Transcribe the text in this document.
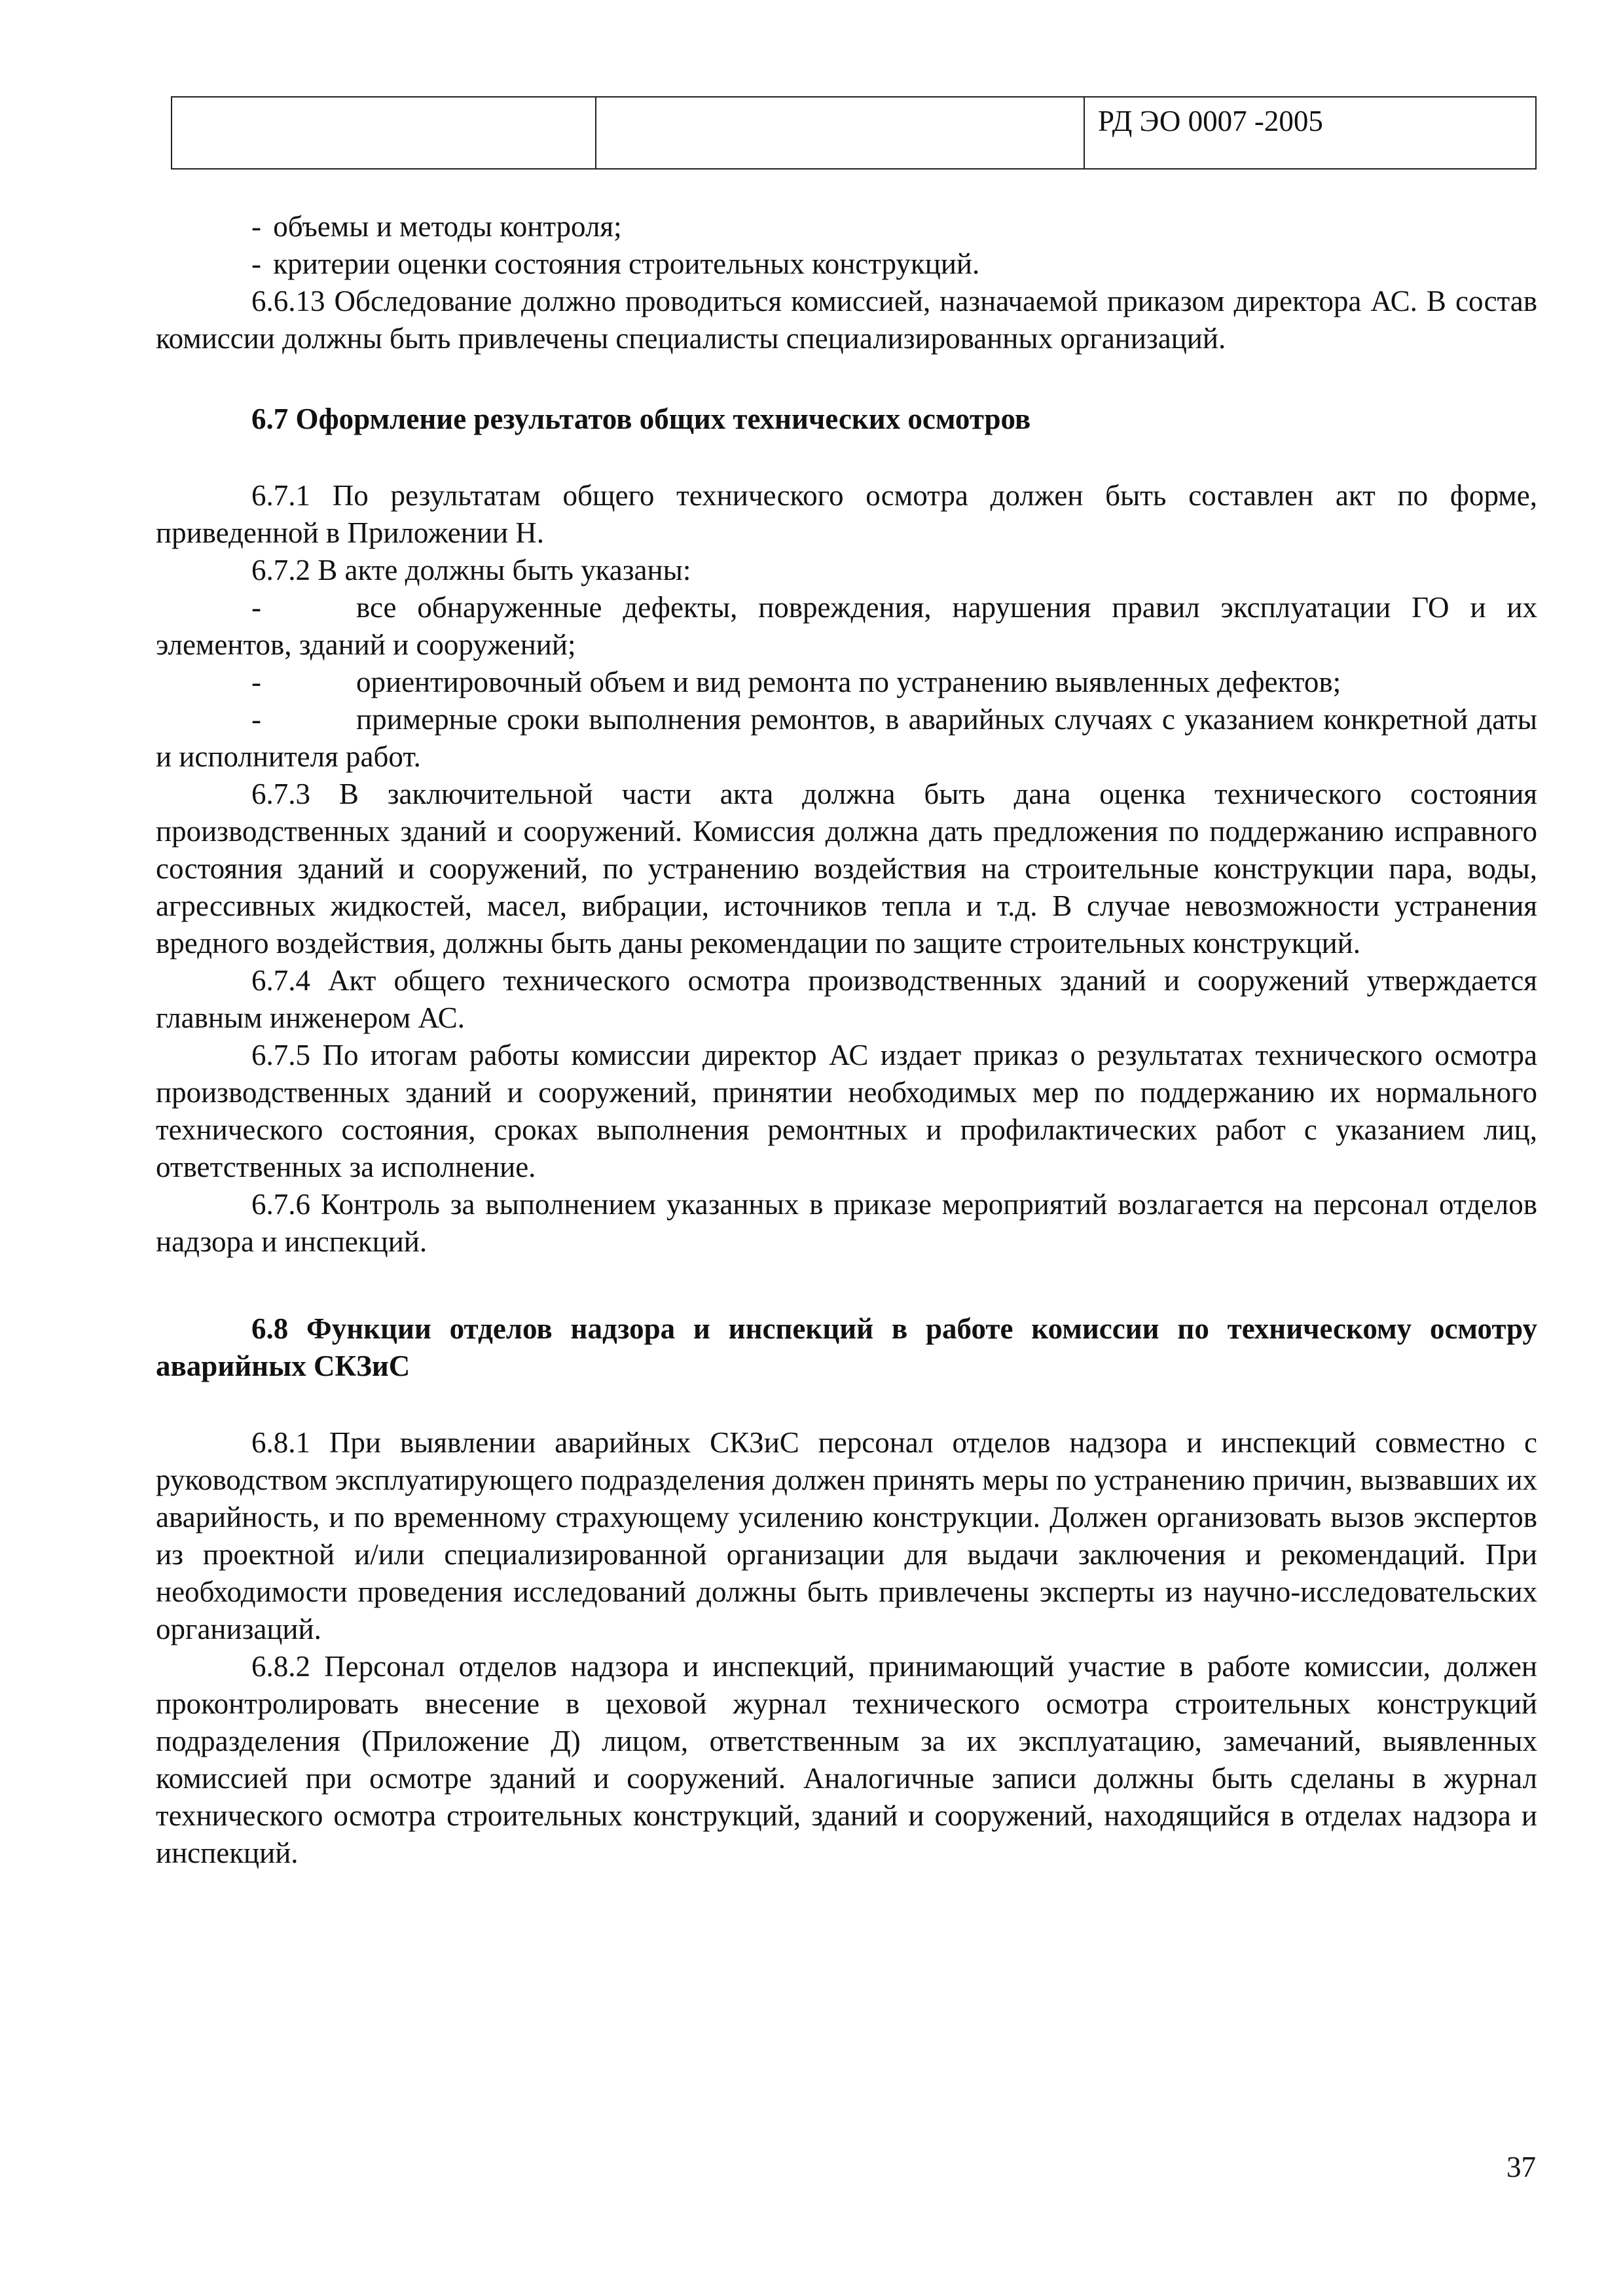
РД ЭО 0007 -2005

- объемы и методы контроля;

- критерии оценки состояния строительных конструкций.

6.6.13 Обследование должно проводиться комиссией, назначаемой приказом директора АС. В состав комиссии должны быть привлечены специалисты специализированных организаций.

6.7 Оформление результатов общих технических осмотров

6.7.1 По результатам общего технического осмотра должен быть составлен акт по форме, приведенной в Приложении Н.

6.7.2 В акте должны быть указаны:

-	все обнаруженные дефекты, повреждения, нарушения правил эксплуатации ГО и их элементов, зданий и сооружений;

-	ориентировочный объем и вид ремонта по устранению выявленных дефектов;

-	примерные сроки выполнения ремонтов, в аварийных случаях с указанием конкретной даты и исполнителя работ.

6.7.3 В заключительной части акта должна быть дана оценка технического состояния производственных зданий и сооружений. Комиссия должна дать предложения по поддержанию исправного состояния зданий и сооружений, по устранению воздействия на строительные конструкции пара, воды, агрессивных жидкостей, масел, вибрации, источников тепла и т.д. В случае невозможности устранения вредного воздействия, должны быть даны рекомендации по защите строительных конструкций.

6.7.4 Акт общего технического осмотра производственных зданий и сооружений утверждается главным инженером АС.

6.7.5 По итогам работы комиссии директор АС издает приказ о результатах технического осмотра производственных зданий и сооружений, принятии необходимых мер по поддержанию их нормального технического состояния, сроках выполнения ремонтных и профилактических работ с указанием лиц, ответственных за исполнение.

6.7.6 Контроль за выполнением указанных в приказе мероприятий возлагается на персонал отделов надзора и инспекций.

6.8 Функции отделов надзора и инспекций в работе комиссии по техническому осмотру аварийных СКЗиС

6.8.1 При выявлении аварийных СКЗиС персонал отделов надзора и инспекций совместно с руководством эксплуатирующего подразделения должен принять меры по устранению причин, вызвавших их аварийность, и по временному страхующему усилению конструкции. Должен организовать вызов экспертов из проектной и/или специализированной организации для выдачи заключения и рекомендаций. При необходимости проведения исследований должны быть привлечены эксперты из научно-исследовательских организаций.

6.8.2 Персонал отделов надзора и инспекций, принимающий участие в работе комиссии, должен проконтролировать внесение в цеховой журнал технического осмотра строительных конструкций подразделения (Приложение Д) лицом, ответственным за их эксплуатацию, замечаний, выявленных комиссией при осмотре зданий и сооружений. Аналогичные записи должны быть сделаны в журнал технического осмотра строительных конструкций, зданий и сооружений, находящийся в отделах надзора и инспекций.

37
